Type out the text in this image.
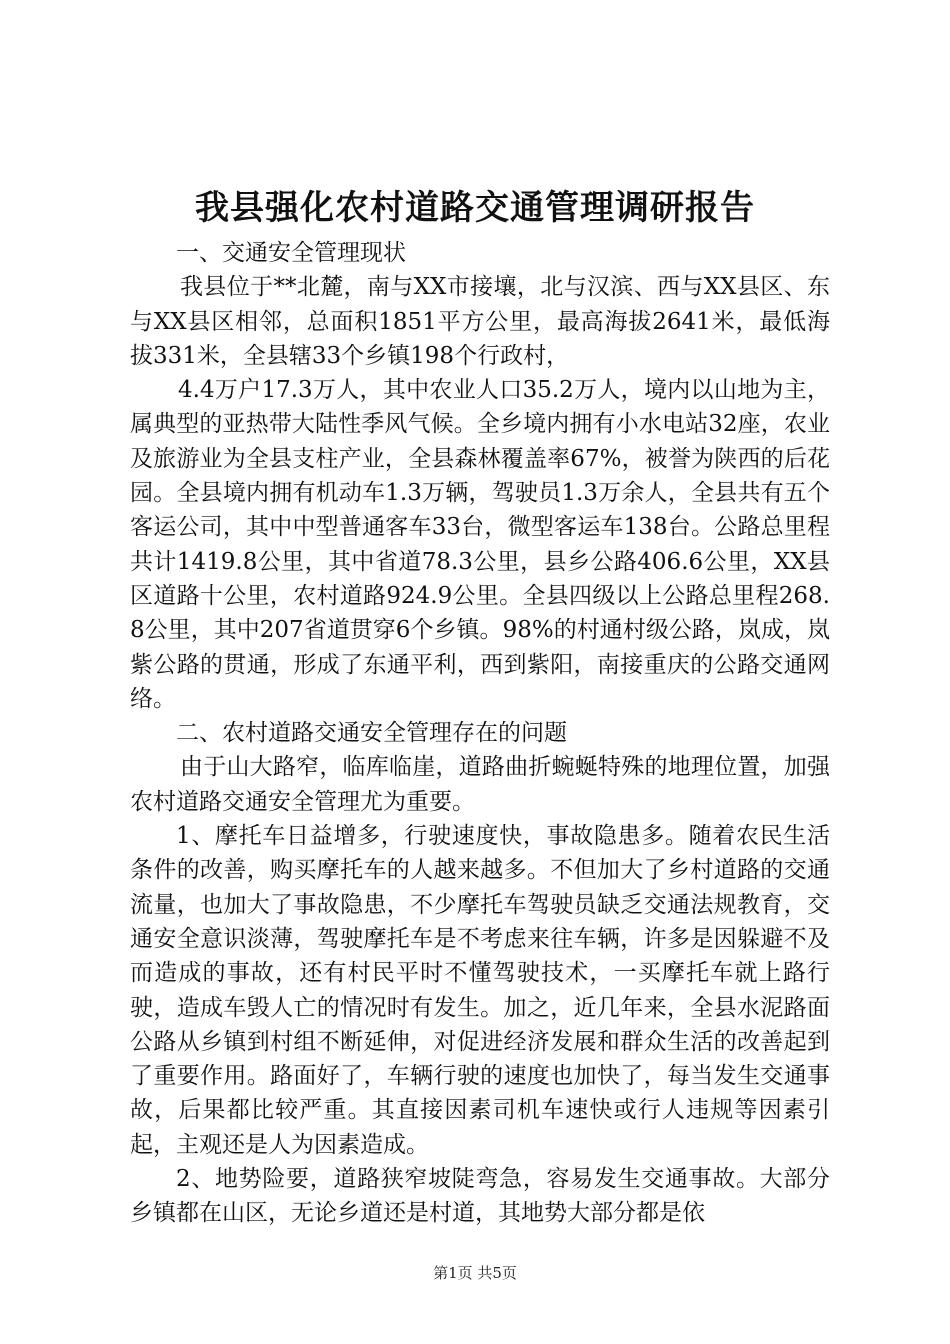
我县强化农村道路交通管理调研报告

一、交通安全管理现状

我县位于**北麓，南与XX市接壤，北与汉滨、西与XX县区、东与XX县区相邻，总面积1851平方公里，最高海拔2641米，最低海拔331米，全县辖33个乡镇198个行政村，

4.4万户17.3万人，其中农业人口35.2万人，境内以山地为主，属典型的亚热带大陆性季风气候。全乡境内拥有小水电站32座，农业及旅游业为全县支柱产业，全县森林覆盖率67%，被誉为陕西的后花园。全县境内拥有机动车1.3万辆，驾驶员1.3万余人，全县共有五个客运公司，其中中型普通客车33台，微型客运车138台。公路总里程共计1419.8公里，其中省道78.3公里，县乡公路406.6公里，XX县区道路十公里，农村道路924.9公里。全县四级以上公路总里程268.8公里，其中207省道贯穿6个乡镇。98%的村通村级公路，岚成，岚紫公路的贯通，形成了东通平利，西到紫阳，南接重庆的公路交通网络。

二、农村道路交通安全管理存在的问题

由于山大路窄，临库临崖，道路曲折蜿蜒特殊的地理位置，加强农村道路交通安全管理尤为重要。

1、摩托车日益增多，行驶速度快，事故隐患多。随着农民生活条件的改善，购买摩托车的人越来越多。不但加大了乡村道路的交通流量，也加大了事故隐患，不少摩托车驾驶员缺乏交通法规教育，交通安全意识淡薄，驾驶摩托车是不考虑来往车辆，许多是因躲避不及而造成的事故，还有村民平时不懂驾驶技术，一买摩托车就上路行驶，造成车毁人亡的情况时有发生。加之，近几年来，全县水泥路面公路从乡镇到村组不断延伸，对促进经济发展和群众生活的改善起到了重要作用。路面好了，车辆行驶的速度也加快了，每当发生交通事故，后果都比较严重。其直接因素司机车速快或行人违规等因素引起，主观还是人为因素造成。

2、地势险要，道路狭窄坡陡弯急，容易发生交通事故。大部分乡镇都在山区，无论乡道还是村道，其地势大部分都是依

第1页 共5页
